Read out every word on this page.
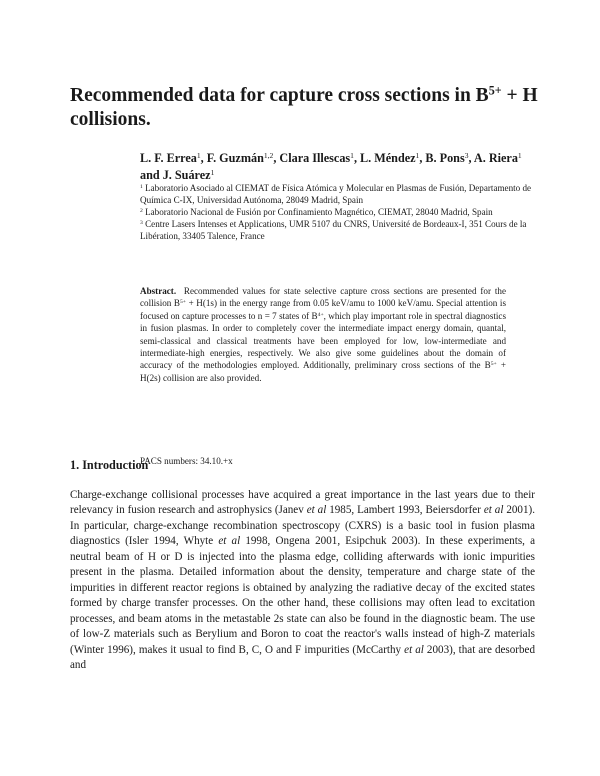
Recommended data for capture cross sections in $B^{5+} + H$ collisions.

L. F. Errea$^1$, F. Guzmán$^{1,2}$, Clara Illescas$^1$, L. Méndez$^1$, B. Pons$^3$, A. Riera$^1$ and J. Suárez$^1$

$^1$ Laboratorio Asociado al CIEMAT de Física Atómica y Molecular en Plasmas de Fusión, Departamento de Química C-IX, Universidad Autónoma, 28049 Madrid, Spain

$^2$ Laboratorio Nacional de Fusión por Confinamiento Magnético, CIEMAT, 28040 Madrid, Spain

$^3$ Centre Lasers Intenses et Applications, UMR 5107 du CNRS, Université de Bordeaux-I, 351 Cours de la Libération, 33405 Talence, France

Abstract. Recommended values for state selective capture cross sections are presented for the collision $B^{5+} + H(1s)$ in the energy range from 0.05 keV/amu to 1000 keV/amu. Special attention is focused on capture processes to n = 7 states of $B^{4+}$, which play important role in spectral diagnostics in fusion plasmas. In order to completely cover the intermediate impact energy domain, quantal, semi-classical and classical treatments have been employed for low, low-intermediate and intermediate-high energies, respectively. We also give some guidelines about the domain of accuracy of the methodologies employed. Additionally, preliminary cross sections of the $B^{5+} + H(2s)$ collision are also provided.

PACS numbers: 34.10.+x

1. Introduction

Charge-exchange collisional processes have acquired a great importance in the last years due to their relevancy in fusion research and astrophysics (Janev et al 1985, Lambert 1993, Beiersdorfer et al 2001). In particular, charge-exchange recombination spectroscopy (CXRS) is a basic tool in fusion plasma diagnostics (Isler 1994, Whyte et al 1998, Ongena 2001, Esipchuk 2003). In these experiments, a neutral beam of H or D is injected into the plasma edge, colliding afterwards with ionic impurities present in the plasma. Detailed information about the density, temperature and charge state of the impurities in different reactor regions is obtained by analyzing the radiative decay of the excited states formed by charge transfer processes. On the other hand, these collisions may often lead to excitation processes, and beam atoms in the metastable 2s state can also be found in the diagnostic beam. The use of low-Z materials such as Berylium and Boron to coat the reactor's walls instead of high-Z materials (Winter 1996), makes it usual to find B, C, O and F impurities (McCarthy et al 2003), that are desorbed and
